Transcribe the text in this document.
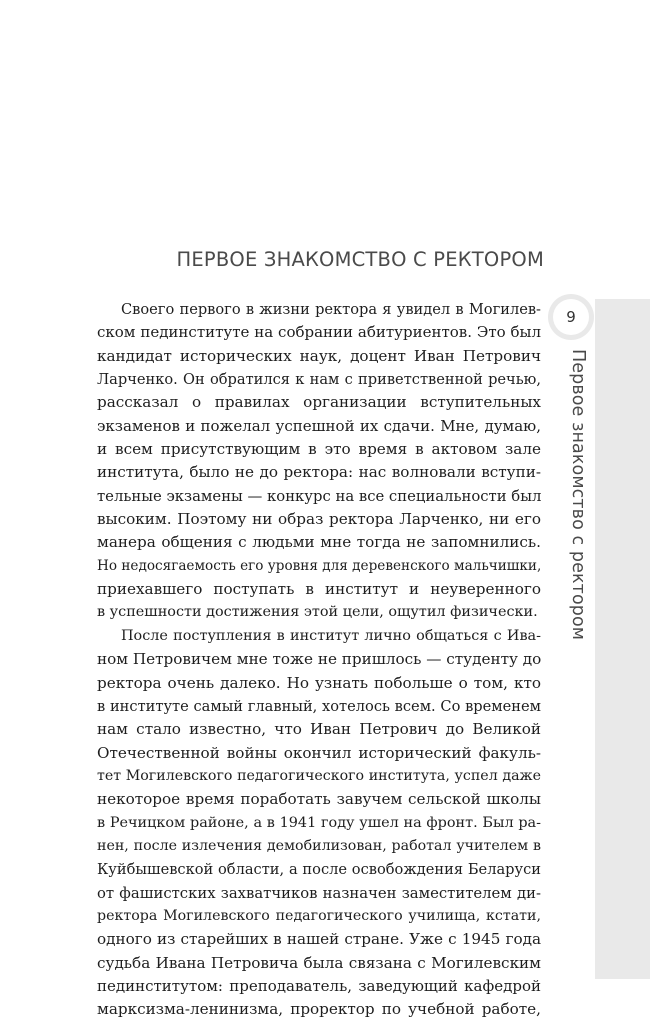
ПЕРВОЕ ЗНАКОМСТВО С РЕКТОРОМ
9
Первое знакомство с ректором
Своего первого в жизни ректора я увидел в Могилев-
ском пединституте на собрании абитуриентов. Это был
кандидат исторических наук, доцент Иван Петрович
Ларченко. Он обратился к нам с приветственной речью,
рассказал о правилах организации вступительных
экзаменов и пожелал успешной их сдачи. Мне, думаю,
и всем присутствующим в это время в актовом зале
института, было не до ректора: нас волновали вступи-
тельные экзамены — конкурс на все специальности был
высоким. Поэтому ни образ ректора Ларченко, ни его
манера общения с людьми мне тогда не запомнились.
Но недосягаемость его уровня для деревенского мальчишки,
приехавшего поступать в институт и неуверенного
в успешности достижения этой цели, ощутил физически.
После поступления в институт лично общаться с Ива-
ном Петровичем мне тоже не пришлось — студенту до
ректора очень далеко. Но узнать побольше о том, кто
в институте самый главный, хотелось всем. Со временем
нам стало известно, что Иван Петрович до Великой
Отечественной войны окончил исторический факуль-
тет Могилевского педагогического института, успел даже
некоторое время поработать завучем сельской школы
в Речицком районе, а в 1941 году ушел на фронт. Был ра-
нен, после излечения демобилизован, работал учителем в
Куйбышевской области, а после освобождения Беларуси
от фашистских захватчиков назначен заместителем ди-
ректора Могилевского педагогического училища, кстати,
одного из старейших в нашей стране. Уже с 1945 года
судьба Ивана Петровича была связана с Могилевским
пединститутом: преподаватель, заведующий кафедрой
марксизма-ленинизма, проректор по учебной работе,
